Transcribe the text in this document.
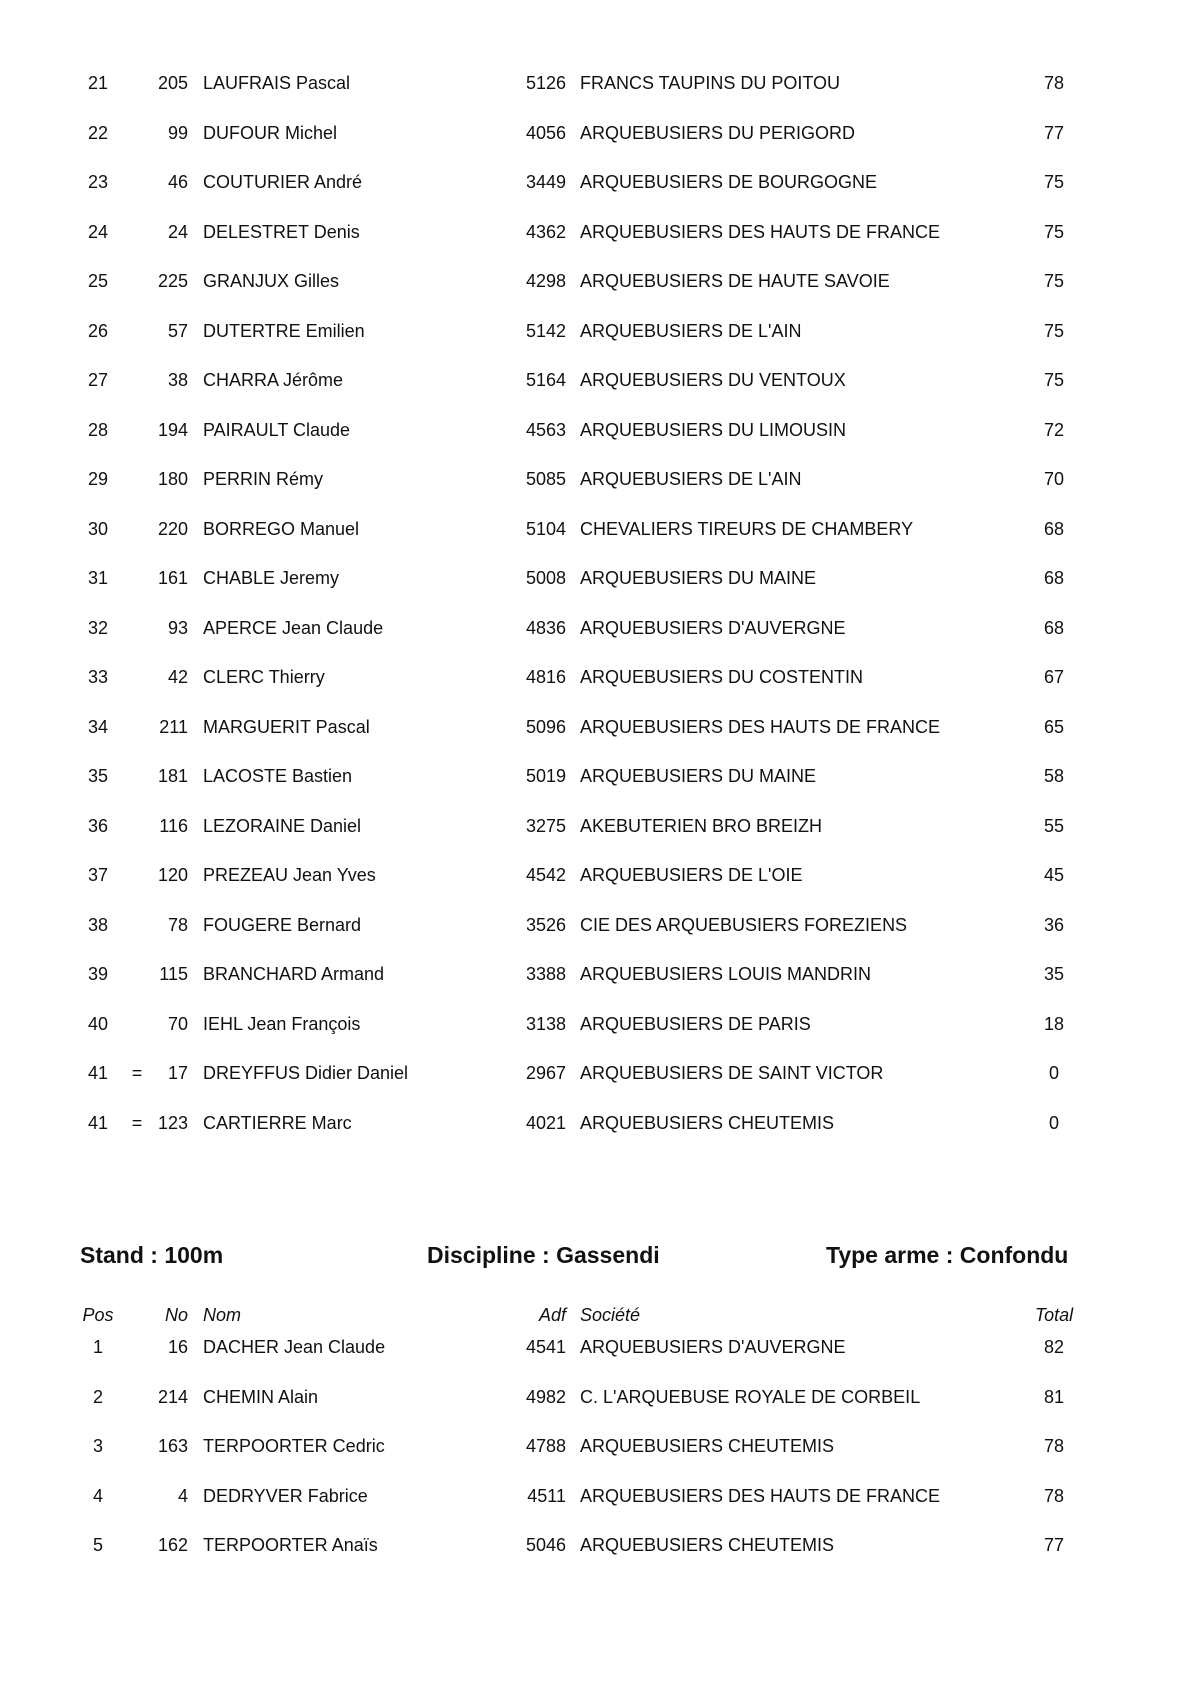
21	205 LAUFRAIS Pascal	5126 FRANCS TAUPINS DU POITOU	78
22	99 DUFOUR Michel	4056 ARQUEBUSIERS DU PERIGORD	77
23	46 COUTURIER André	3449 ARQUEBUSIERS DE BOURGOGNE	75
24	24 DELESTRET Denis	4362 ARQUEBUSIERS DES HAUTS DE FRANCE	75
25	225 GRANJUX Gilles	4298 ARQUEBUSIERS DE HAUTE SAVOIE	75
26	57 DUTERTRE Emilien	5142 ARQUEBUSIERS DE L'AIN	75
27	38 CHARRA Jérôme	5164 ARQUEBUSIERS DU VENTOUX	75
28	194 PAIRAULT Claude	4563 ARQUEBUSIERS DU LIMOUSIN	72
29	180 PERRIN Rémy	5085 ARQUEBUSIERS DE L'AIN	70
30	220 BORREGO Manuel	5104 CHEVALIERS TIREURS DE CHAMBERY	68
31	161 CHABLE Jeremy	5008 ARQUEBUSIERS DU MAINE	68
32	93 APERCE Jean Claude	4836 ARQUEBUSIERS D'AUVERGNE	68
33	42 CLERC Thierry	4816 ARQUEBUSIERS DU COSTENTIN	67
34	211 MARGUERIT Pascal	5096 ARQUEBUSIERS DES HAUTS DE FRANCE	65
35	181 LACOSTE Bastien	5019 ARQUEBUSIERS DU MAINE	58
36	116 LEZORAINE Daniel	3275 AKEBUTERIEN BRO BREIZH	55
37	120 PREZEAU Jean Yves	4542 ARQUEBUSIERS DE L'OIE	45
38	78 FOUGERE Bernard	3526 CIE DES ARQUEBUSIERS FOREZIENS	36
39	115 BRANCHARD Armand	3388 ARQUEBUSIERS LOUIS MANDRIN	35
40	70 IEHL Jean François	3138 ARQUEBUSIERS DE PARIS	18
41	=	17 DREYFFUS Didier Daniel	2967 ARQUEBUSIERS DE SAINT VICTOR	0
41	= 123 CARTIERRE Marc	4021 ARQUEBUSIERS CHEUTEMIS	0
Stand : 100m	Discipline : Gassendi	Type arme : Confondu
Pos	No Nom	Adf Société	Total
1	16 DACHER Jean Claude	4541 ARQUEBUSIERS D'AUVERGNE	82
2	214 CHEMIN Alain	4982 C. L'ARQUEBUSE ROYALE DE CORBEIL	81
3	163 TERPOORTER Cedric	4788 ARQUEBUSIERS CHEUTEMIS	78
4	4 DEDRYVER Fabrice	4511 ARQUEBUSIERS DES HAUTS DE FRANCE	78
5	162 TERPOORTER Anaïs	5046 ARQUEBUSIERS CHEUTEMIS	77
